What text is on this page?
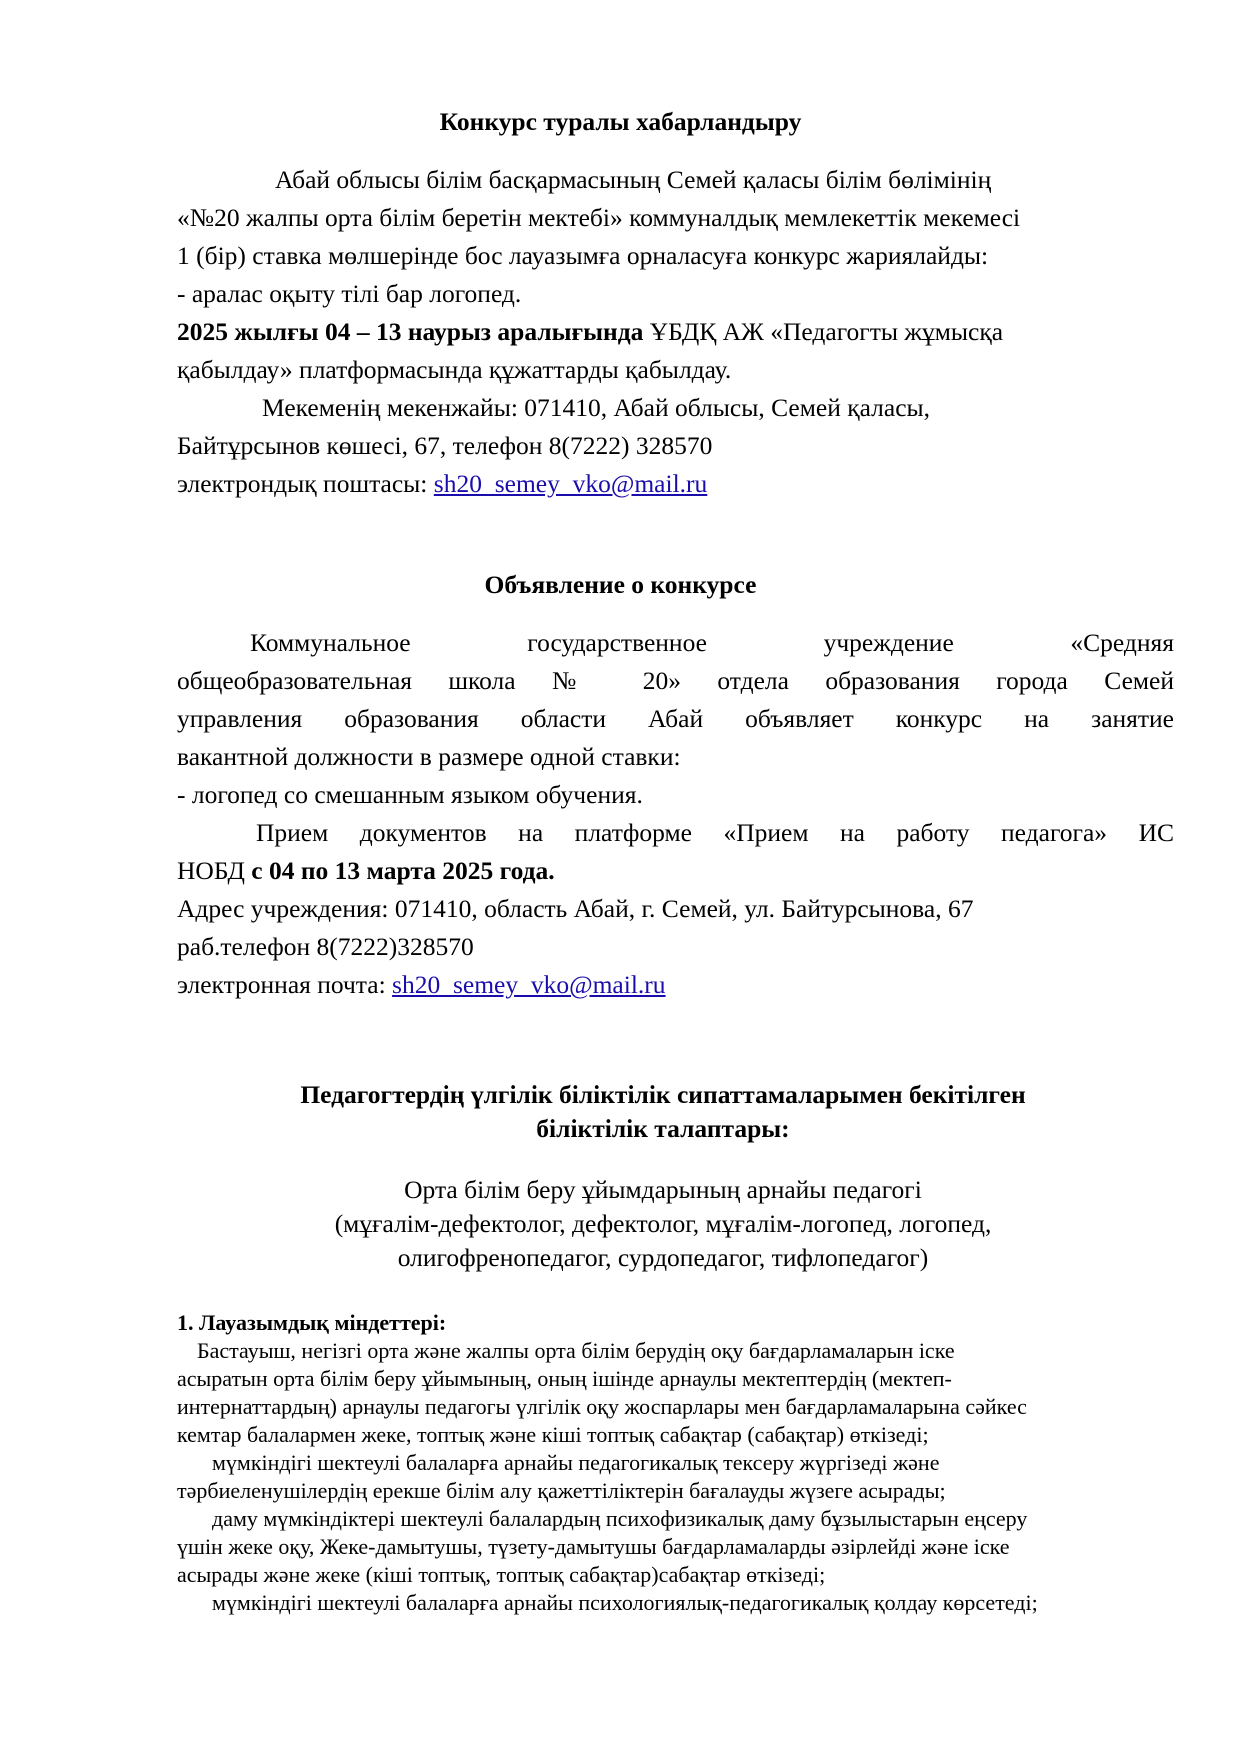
Конкурс туралы хабарландыру
Абай облысы білім басқармасының Семей қаласы білім бөлімінің
«№20 жалпы орта білім беретін мектебі» коммуналдық мемлекеттік мекемесі
1 (бір) ставка мөлшерінде бос лауазымға орналасуға конкурс жариялайды:
- аралас оқыту тілі бар логопед.
2025 жылғы 04 – 13 наурыз аралығында ҰБДҚ АЖ «Педагогты жұмысқа
қабылдау» платформасында құжаттарды қабылдау.
Мекеменің мекенжайы: 071410, Абай облысы, Семей қаласы,
Байтұрсынов көшесі, 67, телефон 8(7222) 328570
электрондық поштасы: sh20_semey_vko@mail.ru
Объявление о конкурсе
Коммунальное государственное учреждение «Средняя
общеобразовательная школа № 20» отдела образования города Семей
управления образования области Абай объявляет конкурс на занятие
вакантной должности в размере одной ставки:
- логопед со смешанным языком обучения.
Прием документов на платформе «Прием на работу педагога» ИС
НОБД с 04 по 13 марта 2025 года.
Адрес учреждения: 071410, область Абай, г. Семей, ул. Байтурсынова, 67
раб.телефон 8(7222)328570
электронная почта: sh20_semey_vko@mail.ru
Педагогтердің үлгілік біліктілік сипаттамаларымен бекітілген
біліктілік талаптары:
Орта білім беру ұйымдарының арнайы педагогі
(мұғалім-дефектолог, дефектолог, мұғалім-логопед, логопед,
олигофренопедагог, сурдопедагог, тифлопедагог)
1. Лауазымдық міндеттері:
Бастауыш, негізгі орта және жалпы орта білім берудің оқу бағдарламаларын іске
асыратын орта білім беру ұйымының, оның ішінде арнаулы мектептердің (мектеп-
интернаттардың) арнаулы педагогы үлгілік оқу жоспарлары мен бағдарламаларына сәйкес
кемтар балалармен жеке, топтық және кіші топтық сабақтар (сабақтар) өткізеді;
мүмкіндігі шектеулі балаларға арнайы педагогикалық тексеру жүргізеді және
тәрбиеленушілердің ерекше білім алу қажеттіліктерін бағалауды жүзеге асырады;
даму мүмкіндіктері шектеулі балалардың психофизикалық даму бұзылыстарын еңсеру
үшін жеке оқу, Жеке-дамытушы, түзету-дамытушы бағдарламаларды әзірлейді және іске
асырады және жеке (кіші топтық, топтық сабақтар)сабақтар өткізеді;
мүмкіндігі шектеулі балаларға арнайы психологиялық-педагогикалық қолдау көрсетеді;
